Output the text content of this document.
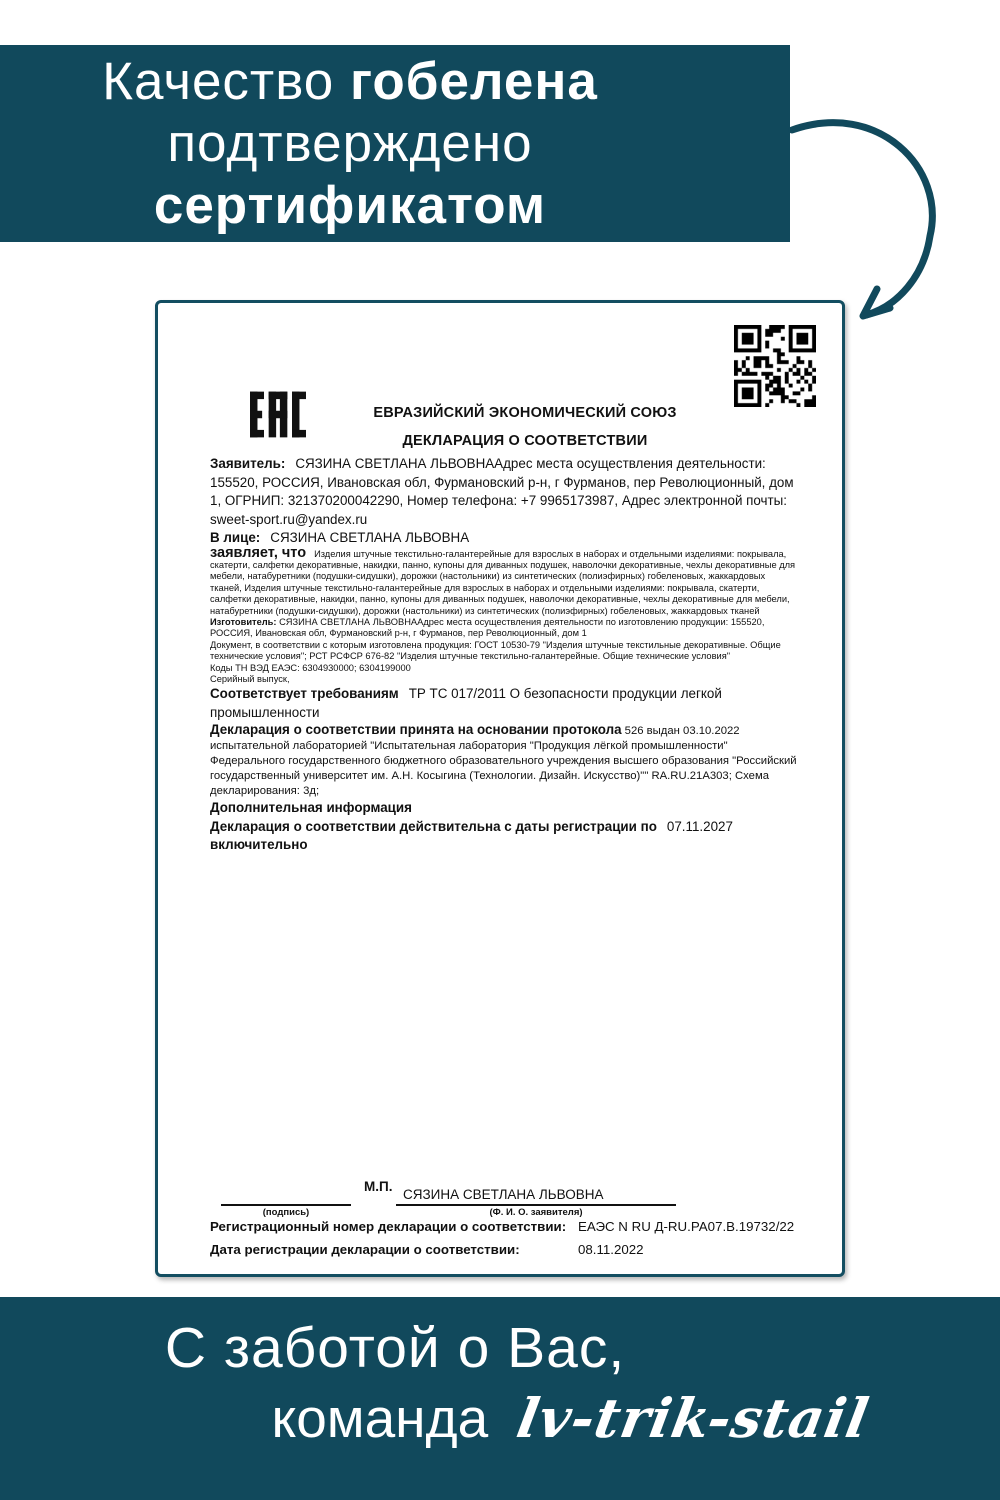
Качество гобелена
подтверждено
сертификатом
ЕВРАЗИЙСКИЙ ЭКОНОМИЧЕСКИЙ СОЮЗ
ДЕКЛАРАЦИЯ О СООТВЕТСТВИИ

Заявитель: СЯЗИНА СВЕТЛАНА ЛЬВОВНААдрес места осуществления деятельности: 155520, РОССИЯ, Ивановская обл, Фурмановский р-н, г Фурманов, пер Революционный, дом 1, ОГРНИП: 321370200042290, Номер телефона: +7 9965173987, Адрес электронной почты: sweet-sport.ru@yandex.ru

В лице: СЯЗИНА СВЕТЛАНА ЛЬВОВНА

заявляет, что Изделия штучные текстильно-галантерейные для взрослых в наборах и отдельными изделиями: покрывала, скатерти, салфетки декоративные, накидки, панно, купоны для диванных подушек, наволочки декоративные, чехлы декоративные для мебели, натабуретники (подушки-сидушки), дорожки (настольники) из синтетических (полиэфирных) гобеленовых, жаккардовых тканей, Изделия штучные текстильно-галантерейные для взрослых в наборах и отдельными изделиями: покрывала, скатерти, салфетки декоративные, накидки, панно, купоны для диванных подушек, наволочки декоративные, чехлы декоративные для мебели, натабуретники (подушки-сидушки), дорожки (настольники) из синтетических (полиэфирных) гобеленовых, жаккардовых тканей

Изготовитель: СЯЗИНА СВЕТЛАНА ЛЬВОВНААдрес места осуществления деятельности по изготовлению продукции: 155520, РОССИЯ, Ивановская обл, Фурмановский р-н, г Фурманов, пер Революционный, дом 1

Документ, в соответствии с которым изготовлена продукция: ГОСТ 10530-79 "Изделия штучные текстильные декоративные. Общие технические условия"; РСТ РСФСР 676-82 "Изделия штучные текстильно-галантерейные. Общие технические условия"

Коды ТН ВЭД ЕАЭС: 6304930000; 6304199000

Серийный выпуск,

Соответствует требованиям ТР ТС 017/2011 О безопасности продукции легкой промышленности

Декларация о соответствии принята на основании протокола 526 выдан 03.10.2022 испытательной лабораторией "Испытательная лаборатория "Продукция лёгкой промышленности" Федерального государственного бюджетного образовательного учреждения высшего образования "Российский государственный университет им. А.Н. Косыгина (Технологии. Дизайн. Искусство)"" RA.RU.21A303; Схема декларирования: 3д;

Дополнительная информация

Декларация о соответствии действительна с даты регистрации по 07.11.2027
включительно

М.П.
СЯЗИНА СВЕТЛАНА ЛЬВОВНА
(подпись)	(Ф. И. О. заявителя)
Регистрационный номер декларации о соответствии: ЕАЭС N RU Д-RU.РА07.В.19732/22
Дата регистрации декларации о соответствии:	08.11.2022
С заботой о Вас,
команда lv-trik-stail
